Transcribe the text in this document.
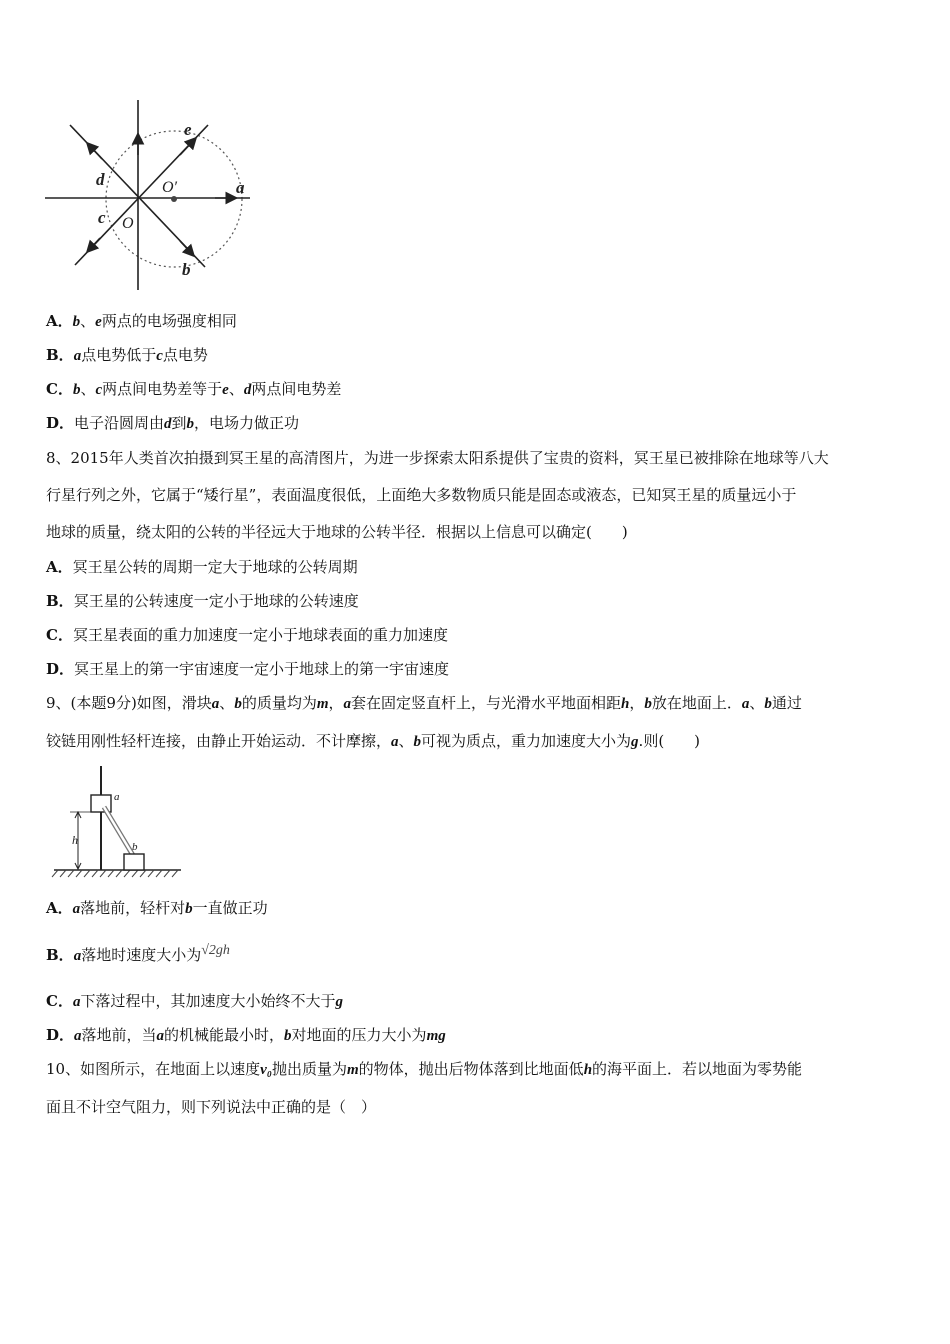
e
d	a
O′
c O
b
A．b、e两点的电场强度相同
B．a点电势低于c点电势
C．b、c两点间电势差等于e、d两点间电势差
D．电子沿圆周由d到b，电场力做正功
8、2015年人类首次拍摄到冥王星的高清图片，为进一步探索太阳系提供了宝贵的资料，冥王星已被排除在地球等八大
行星行列之外，它属于“矮行星”，表面温度很低，上面绝大多数物质只能是固态或液态，已知冥王星的质量远小于
地球的质量，绕太阳的公转的半径远大于地球的公转半径．根据以上信息可以确定(　　)
A．冥王星公转的周期一定大于地球的公转周期
B．冥王星的公转速度一定小于地球的公转速度
C．冥王星表面的重力加速度一定小于地球表面的重力加速度
D．冥王星上的第一宇宙速度一定小于地球上的第一宇宙速度
9、(本题9分)如图，滑块a、b的质量均为m，a套在固定竖直杆上，与光滑水平地面相距h，b放在地面上．a、b通过
铰链用刚性轻杆连接，由静止开始运动．不计摩擦，a、b可视为质点，重力加速度大小为g.则(　　)
h
a
b
A．a落地前，轻杆对b一直做正功
B．a落地时速度大小为√2gh
C．a下落过程中，其加速度大小始终不大于g
D．a落地前，当a的机械能最小时，b对地面的压力大小为mg
10、如图所示，在地面上以速度v₀抛出质量为m的物体，抛出后物体落到比地面低h的海平面上．若以地面为零势能
面且不计空气阻力，则下列说法中正确的是（　）
